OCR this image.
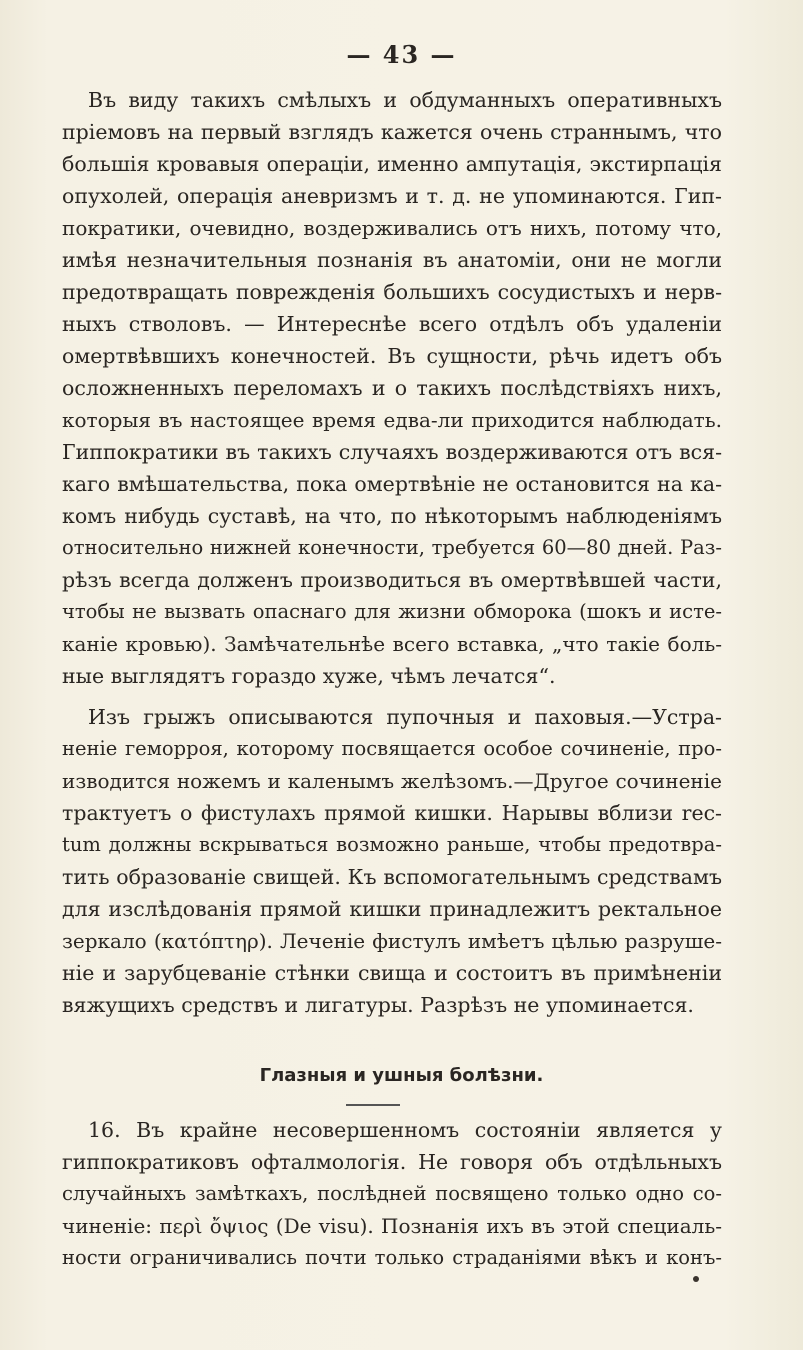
— 43 —
Въ виду такихъ смѣлыхъ и обдуманныхъ оперативныхъ
пріемовъ на первый взглядъ кажется очень страннымъ, что
большія кровавыя операціи, именно ампутація, экстирпація
опухолей, операція аневризмъ и т. д. не упоминаются. Гип-
пократики, очевидно, воздерживались отъ нихъ, потому что,
имѣя незначительныя познанія въ анатоміи, они не могли
предотвращать поврежденія большихъ сосудистыхъ и нерв-
ныхъ стволовъ. — Интереснѣе всего отдѣлъ объ удаленіи
омертвѣвшихъ конечностей. Въ сущности, рѣчь идетъ объ
осложненныхъ переломахъ и о такихъ послѣдствіяхъ нихъ,
которыя въ настоящее время едва-ли приходится наблюдать.
Гиппократики въ такихъ случаяхъ воздерживаются отъ вся-
каго вмѣшательства, пока омертвѣніе не остановится на ка-
комъ нибудь суставѣ, на что, по нѣкоторымъ наблюденіямъ
относительно нижней конечности, требуется 60—80 дней. Раз-
рѣзъ всегда долженъ производиться въ омертвѣвшей части,
чтобы не вызвать опаснаго для жизни обморока (шокъ и исте-
каніе кровью). Замѣчательнѣе всего вставка, „что такіе боль-
ные выглядятъ гораздо хуже, чѣмъ лечатся“.
Изъ грыжъ описываются пупочныя и паховыя.—Устра-
неніе геморроя, которому посвящается особое сочиненіе, про-
изводится ножемъ и каленымъ желѣзомъ.—Другое сочиненіе
трактуетъ о фистулахъ прямой кишки. Нарывы вблизи rec-
tum должны вскрываться возможно раньше, чтобы предотвра-
тить образованіе свищей. Къ вспомогательнымъ средствамъ
для изслѣдованія прямой кишки принадлежитъ ректальное
зеркало (κατόπτηρ). Леченіе фистулъ имѣетъ цѣлью разруше-
ніе и зарубцеваніе стѣнки свища и состоитъ въ примѣненіи
вяжущихъ средствъ и лигатуры. Разрѣзъ не упоминается.
Глазныя и ушныя болѣзни.
16. Въ крайне несовершенномъ состояніи является у
гиппократиковъ офталмологія. Не говоря объ отдѣльныхъ
случайныхъ замѣткахъ, послѣдней посвящено только одно со-
чиненіе: περὶ ὄψιος (De visu). Познанія ихъ въ этой специаль-
ности ограничивались почти только страданіями вѣкъ и конъ-
